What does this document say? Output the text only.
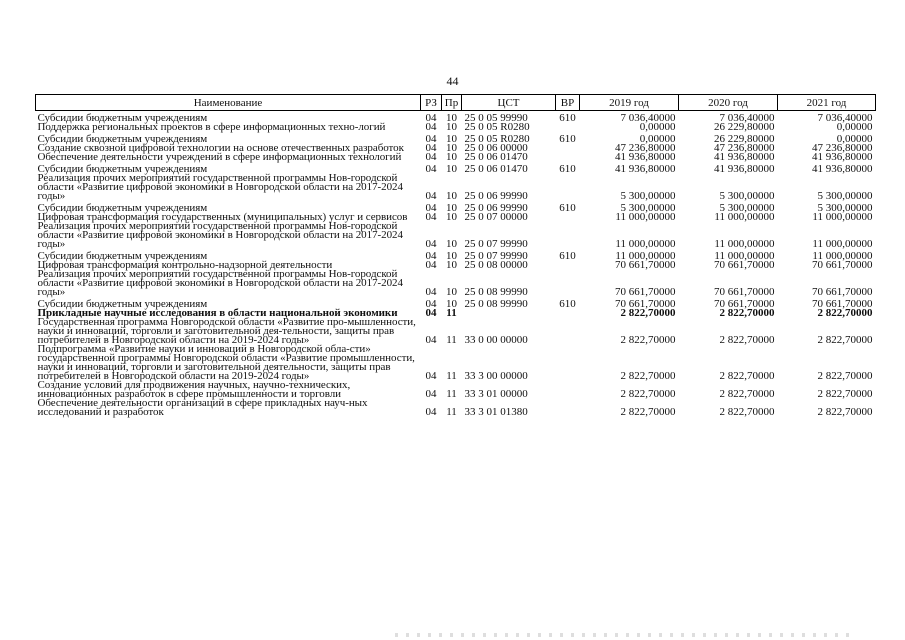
44
Наименование	РЗ	Пр	ЦСТ	ВР	2019 год	2020 год	2021 год
Субсидии бюджетным учреждениям	04	10	25 0 05 99990	610	7 036,40000	7 036,40000	7 036,40000
Поддержка региональных проектов в сфере информационных техно-логий	04	10	25 0 05 R0280		0,00000	26 229,80000	0,00000
Субсидии бюджетным учреждениям	04	10	25 0 05 R0280	610	0,00000	26 229,80000	0,00000
Создание сквозной цифровой технологии на основе отечественных разработок	04	10	25 0 06 00000		47 236,80000	47 236,80000	47 236,80000
Обеспечение деятельности учреждений в сфере информационных технологий	04	10	25 0 06 01470		41 936,80000	41 936,80000	41 936,80000
Субсидии бюджетным учреждениям	04	10	25 0 06 01470	610	41 936,80000	41 936,80000	41 936,80000
Реализация прочих мероприятий государственной программы Нов-городской области «Развитие цифровой экономики в Новгородской области на 2017-2024 годы»	04	10	25 0 06 99990		5 300,00000	5 300,00000	5 300,00000
Субсидии бюджетным учреждениям	04	10	25 0 06 99990	610	5 300,00000	5 300,00000	5 300,00000
Цифровая трансформация государственных (муниципальных) услуг и сервисов	04	10	25 0 07 00000		11 000,00000	11 000,00000	11 000,00000
Реализация прочих мероприятий государственной программы Нов-городской области «Развитие цифровой экономики в Новгородской области на 2017-2024 годы»	04	10	25 0 07 99990		11 000,00000	11 000,00000	11 000,00000
Субсидии бюджетным учреждениям	04	10	25 0 07 99990	610	11 000,00000	11 000,00000	11 000,00000
Цифровая трансформация контрольно-надзорной деятельности	04	10	25 0 08 00000		70 661,70000	70 661,70000	70 661,70000
Реализация прочих мероприятий государственной программы Нов-городской области «Развитие цифровой экономики в Новгородской области на 2017-2024 годы»	04	10	25 0 08 99990		70 661,70000	70 661,70000	70 661,70000
Субсидии бюджетным учреждениям	04	10	25 0 08 99990	610	70 661,70000	70 661,70000	70 661,70000
Прикладные научные исследования в области национальной экономики	04	11			2 822,70000	2 822,70000	2 822,70000
Государственная программа Новгородской области «Развитие про-мышленности, науки и инноваций, торговли и заготовительной дея-тельности, защиты прав потребителей в Новгородской области на 2019-2024 годы»	04	11	33 0 00 00000		2 822,70000	2 822,70000	2 822,70000
Подпрограмма «Развитие науки и инноваций в Новгородской обла-сти» государственной программы Новгородской области «Развитие промышленности, науки и инноваций, торговли и заготовительной деятельности, защиты прав потребителей в Новгородской области на 2019-2024 годы»	04	11	33 3 00 00000		2 822,70000	2 822,70000	2 822,70000
Создание условий для продвижения научных, научно-технических, инновационных разработок в сфере промышленности и торговли	04	11	33 3 01 00000		2 822,70000	2 822,70000	2 822,70000
Обеспечение деятельности организаций в сфере прикладных науч-ных исследований и разработок	04	11	33 3 01 01380		2 822,70000	2 822,70000	2 822,70000
